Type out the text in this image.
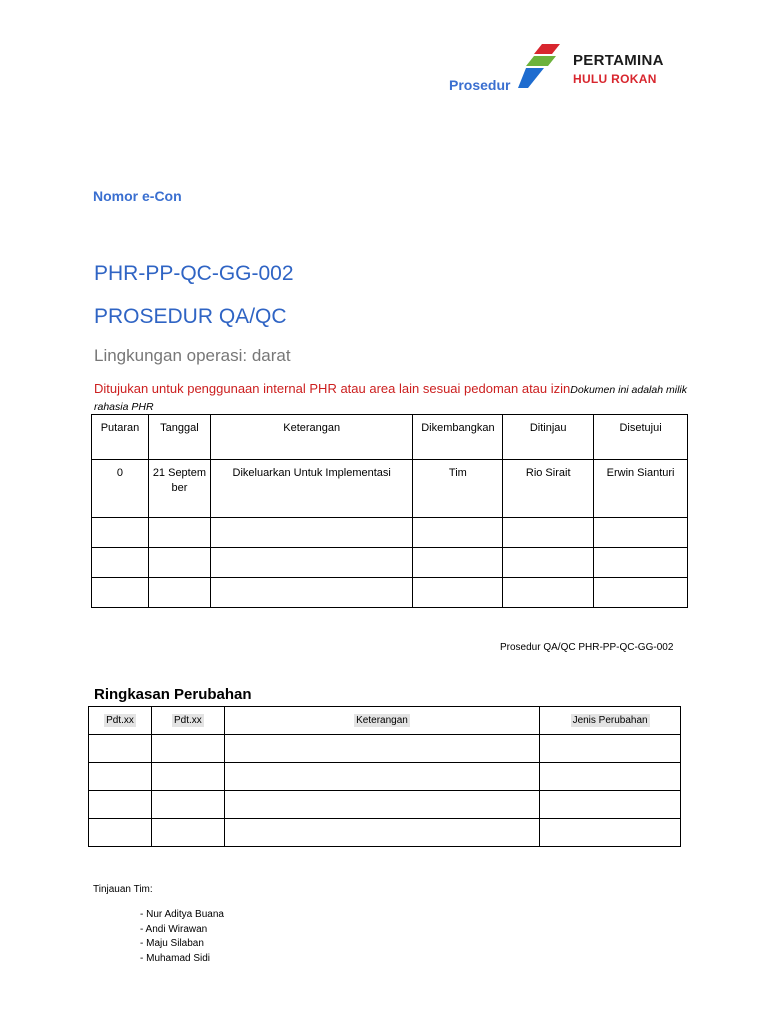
Prosedur
PERTAMINA
HULU ROKAN
Nomor e-Con
PHR-PP-QC-GG-002
PROSEDUR QA/QC
Lingkungan operasi: darat
Ditujukan untuk penggunaan internal PHR atau area lain sesuai pedoman atau izinDokumen ini adalah milik rahasia PHR
Putaran	Tanggal	Keterangan	Dikembangkan	Ditinjau	Disetujui
0	21 September	Dikeluarkan Untuk Implementasi	Tim	Rio Sirait	Erwin Sianturi

Prosedur QA/QC PHR-PP-QC-GG-002
Ringkasan Perubahan
Pdt.xx	Pdt.xx	Keterangan	Jenis Perubahan

Tinjauan Tim:
- Nur Aditya Buana
- Andi Wirawan
- Maju Silaban
- Muhamad Sidi
